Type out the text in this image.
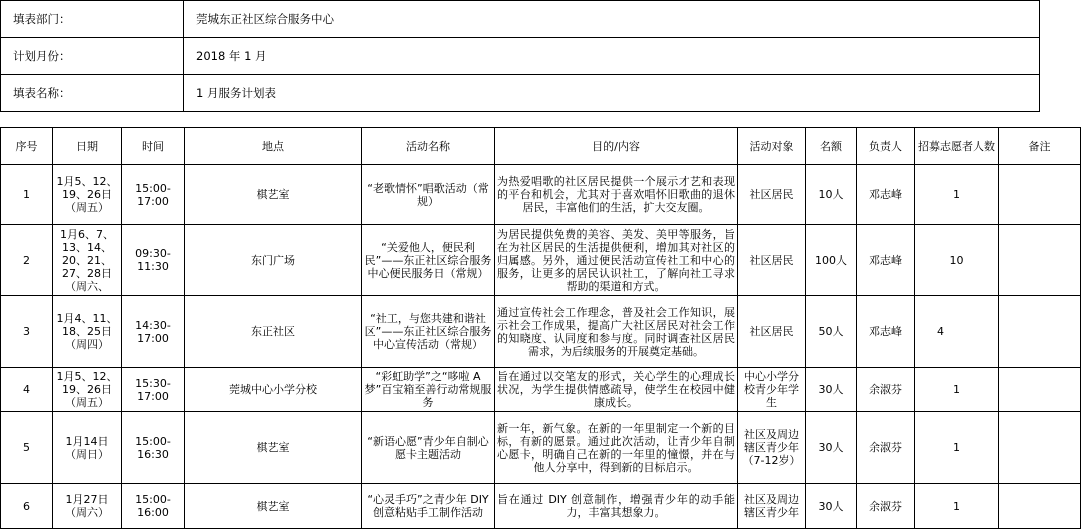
填表部门：	莞城东正社区综合服务中心
计划月份：	2018 年 1 月
填表名称：	1 月服务计划表
序号	日期	时间	地点	活动名称	目的/内容	活动对象	名额	负责人	招募志愿者人数	备注
1	1月5、12、19、26日（周五）	15:00-17:00	棋艺室	“老歌情怀”唱歌活动（常规）	为热爱唱歌的社区居民提供一个展示才艺和表现的平台和机会，尤其对于喜欢唱怀旧歌曲的退休居民，丰富他们的生活，扩大交友圈。	社区居民	10人	邓志峰	1	
2	1月6、7、13、14、20、21、27、28日（周六、	09:30-11:30	东门广场	“关爱他人，便民利民”——东正社区综合服务中心便民服务日（常规）	为居民提供免费的美容、美发、美甲等服务，旨在为社区居民的生活提供便利，增加其对社区的归属感。另外，通过便民活动宣传社工和中心的服务，让更多的居民认识社工，了解向社工寻求帮助的渠道和方式。	社区居民	100人	邓志峰	10	
3	1月4、11、18、25日（周四）	14:30-17:00	东正社区	“社工，与您共建和谐社区”——东正社区综合服务中心宣传活动（常规）	通过宣传社会工作理念，普及社会工作知识，展示社会工作成果，提高广大社区居民对社会工作的知晓度、认同度和参与度。同时调查社区居民需求，为后续服务的开展奠定基础。	社区居民	50人	邓志峰	4	
4	1月5、12、19、26日（周五）	15:30-17:00	莞城中心小学分校	“彩虹助学”之“哆啦 A 梦”百宝箱至善行动常规服务	旨在通过以交笔友的形式，关心学生的心理成长状况，为学生提供情感疏导，使学生在校园中健康成长。	中心小学分校青少年学生	30人	余淑芬	1	
5	1月14日（周日）	15:00-16:30	棋艺室	“新语心愿”青少年自制心愿卡主题活动	新一年，新气象。在新的一年里制定一个新的目标，有新的愿景。通过此次活动，让青少年自制心愿卡，明确自己在新的一年里的憧憬，并在与他人分享中，得到新的目标启示。	社区及周边辖区青少年（7-12岁）	30人	余淑芬	1	
6	1月27日（周六）	15:00-16:00	棋艺室	“心灵手巧”之青少年 DIY创意粘贴手工制作活动	旨在通过 DIY 创意制作，增强青少年的动手能力，丰富其想象力。	社区及周边辖区青少年	30人	余淑芬	1	
